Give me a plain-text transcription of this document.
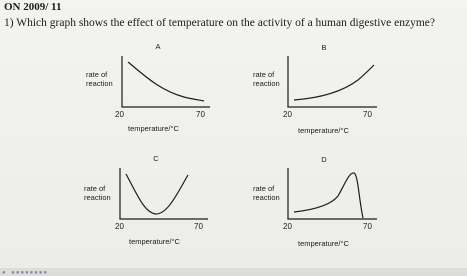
ON 2009/ 11
1) Which graph shows the effect of temperature on the activity of a human digestive enzyme?
A
rate of
reaction
20	70
temperature/°C
B
rate of
reaction
20	70
temperature/°C
C
rate of
reaction
20	70
temperature/°C
D
rate of
reaction
20	70
temperature/°C
▪ ▪▪▪▪▪▪▪▪
